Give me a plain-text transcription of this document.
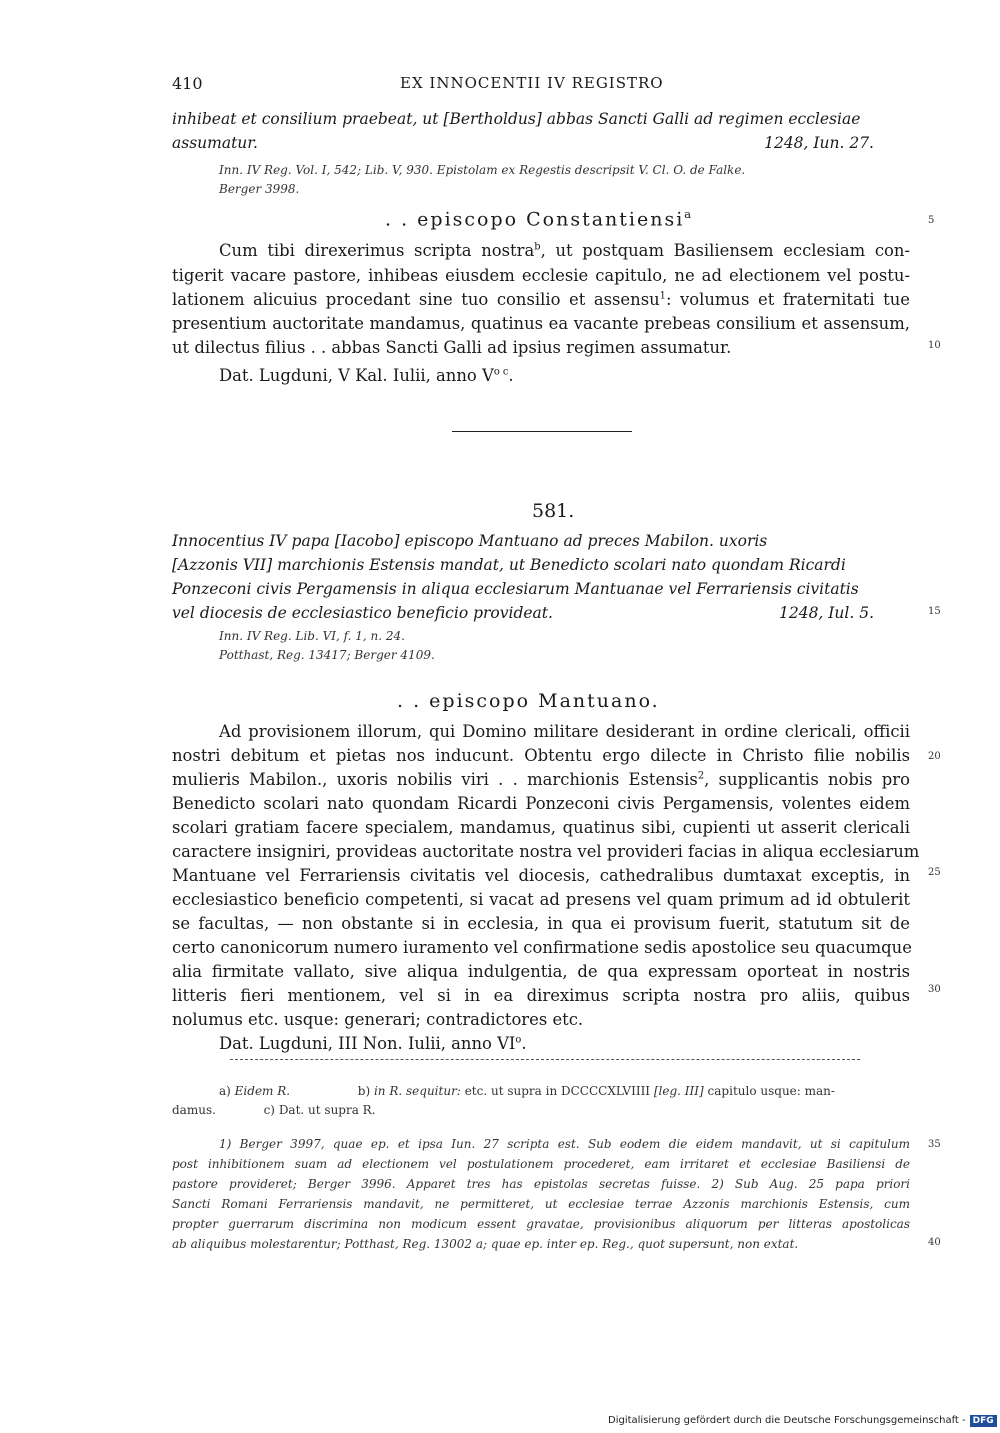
410	EX INNOCENTII IV REGISTRO
inhibeat et consilium praebeat, ut [Bertholdus] abbas Sancti Galli ad regimen ecclesiae
assumatur.	1248, Iun. 27.
Inn. IV Reg. Vol. I, 542; Lib. V, 930. Epistolam ex Regestis descripsit V. Cl. O. de Falke.
Berger 3998.
. . episcopo Constantiensi$^a$	5
Cum tibi direxerimus scripta nostra$^b$, ut postquam Basiliensem ecclesiam con-
tigerit vacare pastore, inhibeas eiusdem ecclesie capitulo, ne ad electionem vel postu-
lationem alicuius procedant sine tuo consilio et assensu$^1$: volumus et fraternitati tue
presentium auctoritate mandamus, quatinus ea vacante prebeas consilium et assensum,
ut dilectus filius . . abbas Sancti Galli ad ipsius regimen assumatur.	10
Dat. Lugduni, V Kal. Iulii, anno $V^{o c}$.
581.
Innocentius IV papa [Iacobo] episcopo Mantuano ad preces Mabilon. uxoris
[Azzonis VII] marchionis Estensis mandat, ut Benedicto scolari nato quondam Ricardi
Ponzeconi civis Pergamensis in aliqua ecclesiarum Mantuanae vel Ferrariensis civitatis
vel diocesis de ecclesiastico beneficio provideat.	1248, Iul. 5.	15
Inn. IV Reg. Lib. VI, f. 1, n. 24.
Potthast, Reg. 13417; Berger 4109.
. . episcopo Mantuano.
Ad provisionem illorum, qui Domino militare desiderant in ordine clericali, officii
nostri debitum et pietas nos inducunt. Obtentu ergo dilecte in Christo filie nobilis 20
mulieris Mabilon., uxoris nobilis viri . . marchionis Estensis$^2$, supplicantis nobis pro
Benedicto scolari nato quondam Ricardi Ponzeconi civis Pergamensis, volentes eidem
scolari gratiam facere specialem, mandamus, quatinus sibi, cupienti ut asserit clericali
caractere insigniri, provideas auctoritate nostra vel provideri facias in aliqua ecclesiarum
Mantuane vel Ferrariensis civitatis vel diocesis, cathedralibus dumtaxat exceptis, in 25
ecclesiastico beneficio competenti, si vacat ad presens vel quam primum ad id obtulerit
se facultas, — non obstante si in ecclesia, in qua ei provisum fuerit, statutum sit de
certo canonicorum numero iuramento vel confirmatione sedis apostolice seu quacumque
alia firmitate vallato, sive aliqua indulgentia, de qua expressam oporteat in nostris
litteris fieri mentionem, vel si in ea direximus scripta nostra pro aliis, quibus 30
nolumus etc. usque: generari; contradictores etc.
Dat. Lugduni, III Non. Iulii, anno $VI^o$.
a) Eidem R.	b) in R. sequitur: etc. ut supra in DCCCCXLVIIII [leg. III] capitulo usque: man-
damus.	c) Dat. ut supra R.
1) Berger 3997, quae ep. et ipsa Iun. 27 scripta est. Sub eodem die eidem mandavit, ut si capitulum 35
post inhibitionem suam ad electionem vel postulationem procederet, eam irritaret et ecclesiae Basiliensi de
pastore provideret; Berger 3996. Apparet tres has epistolas secretas fuisse. 2) Sub Aug. 25 papa priori
Sancti Romani Ferrariensis mandavit, ne permitteret, ut ecclesiae terrae Azzonis marchionis Estensis, cum
propter guerrarum discrimina non modicum essent gravatae, provisionibus aliquorum per litteras apostolicas
ab aliquibus molestarentur; Potthast, Reg. 13002 a; quae ep. inter ep. Reg., quot supersunt, non extat.	40
Digitalisierung gefördert durch die Deutsche Forschungsgemeinschaft - DFG
